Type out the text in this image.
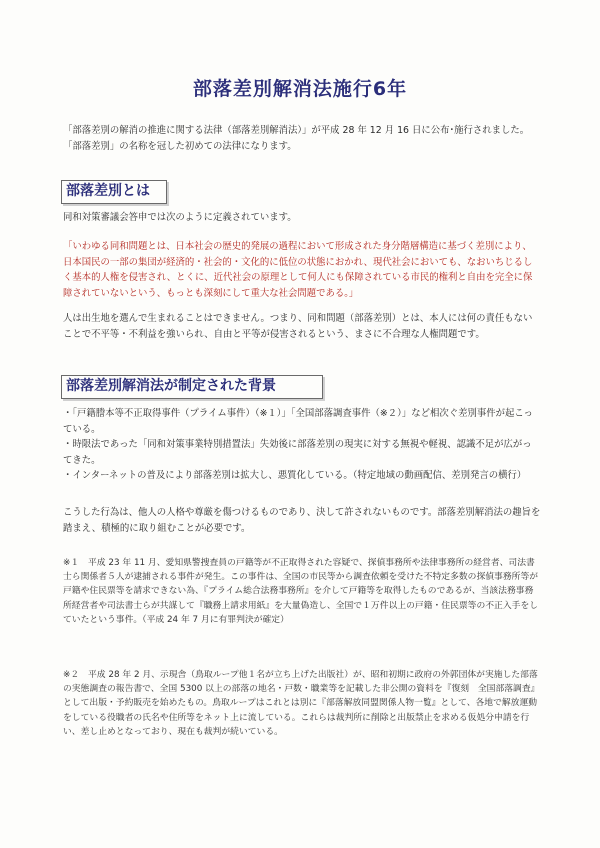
部落差別解消法施行6年

「部落差別の解消の推進に関する法律（部落差別解消法）」が平成 28 年 12 月 16 日に公布･施行されました。「部落差別」の名称を冠した初めての法律になります。

部落差別とは

同和対策審議会答申では次のように定義されています。

「いわゆる同和問題とは、日本社会の歴史的発展の過程において形成された身分階層構造に基づく差別により、日本国民の一部の集団が経済的・社会的・文化的に低位の状態におかれ、現代社会においても、なおいちじるしく基本的人権を侵害され、とくに、近代社会の原理として何人にも保障されている市民的権利と自由を完全に保障されていないという、もっとも深刻にして重大な社会問題である。」

人は出生地を選んで生まれることはできません。つまり、同和問題（部落差別）とは、本人には何の責任もないことで不平等・不利益を強いられ、自由と平等が侵害されるという、まさに不合理な人権問題です。

部落差別解消法が制定された背景

・「戸籍謄本等不正取得事件（プライム事件）（※１）」「全国部落調査事件（※２）」など相次ぐ差別事件が起こっている。

・時限法であった「同和対策事業特別措置法」失効後に部落差別の現実に対する無視や軽視、認識不足が広がってきた。

・インターネットの普及により部落差別は拡大し、悪質化している。（特定地域の動画配信、差別発言の横行）

こうした行為は、他人の人格や尊厳を傷つけるものであり、決して許されないものです。部落差別解消法の趣旨を踏まえ、積極的に取り組むことが必要です。

※１　平成 23 年 11 月、愛知県警捜査員の戸籍等が不正取得された容疑で、探偵事務所や法律事務所の経営者、司法書士ら関係者５人が逮捕される事件が発生。この事件は、全国の市民等から調査依頼を受けた不特定多数の探偵事務所等が戸籍や住民票等を請求できない為、『プライム総合法務事務所』を介して戸籍等を取得したものであるが、当該法務事務所経営者や司法書士らが共謀して『職務上請求用紙』を大量偽造し、全国で１万件以上の戸籍・住民票等の不正入手をしていたという事件。（平成 24 年 7 月に有罪判決が確定）

※２　平成 28 年 2 月、示現舎（鳥取ループ他１名が立ち上げた出版社）が、昭和初期に政府の外郭団体が実施した部落の実態調査の報告書で、全国 5300 以上の部落の地名・戸数・職業等を記載した非公開の資料を『復刻　全国部落調査』として出版・予約販売を始めたもの。鳥取ループはこれとは別に『部落解放同盟関係人物一覧』として、各地で解放運動をしている役職者の氏名や住所等をネット上に流している。これらは裁判所に削除と出版禁止を求める仮処分申請を行い、差し止めとなっており、現在も裁判が続いている。
